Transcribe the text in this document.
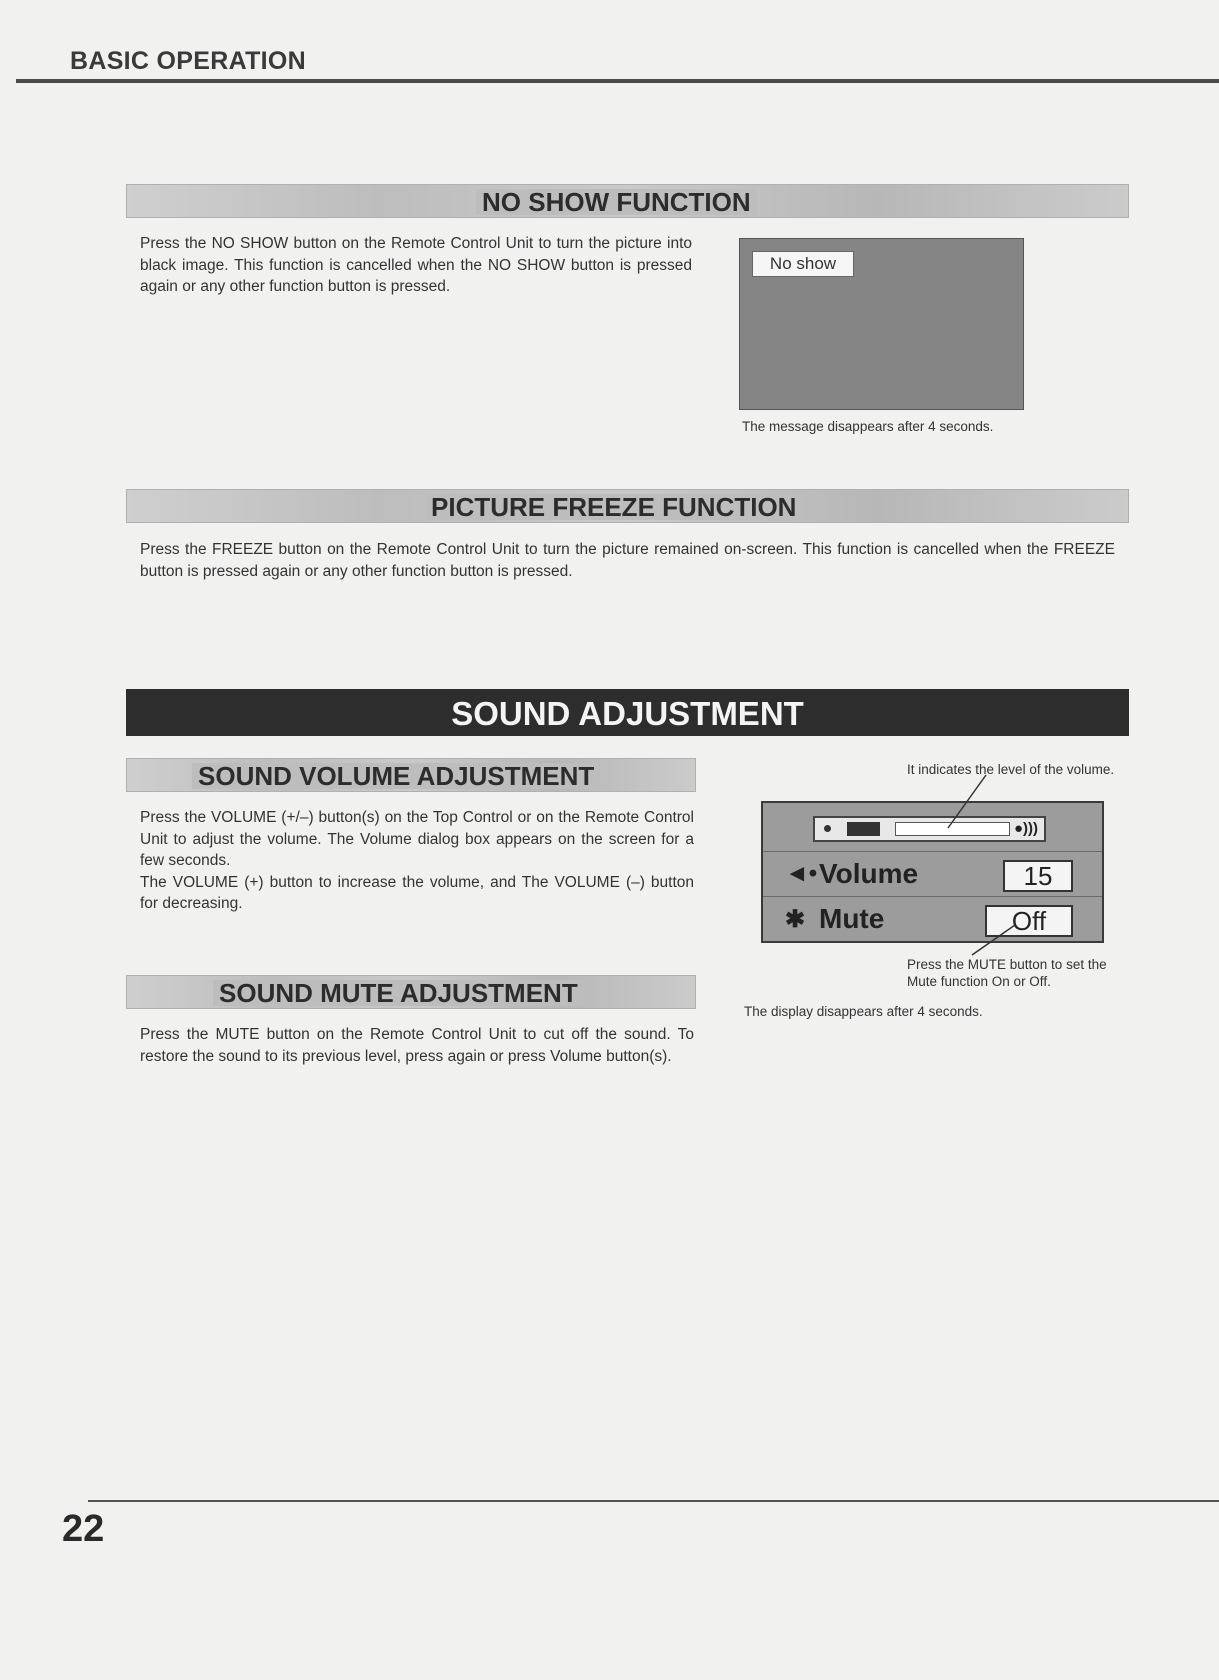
BASIC OPERATION
NO SHOW FUNCTION
Press the NO SHOW button on the Remote Control Unit to turn the picture into black image. This function is cancelled when the NO SHOW button is pressed again or any other function button is pressed.
No show
The message disappears after 4 seconds.
PICTURE FREEZE FUNCTION
Press the FREEZE button on the Remote Control Unit to turn the picture remained on-screen. This function is cancelled when the FREEZE button is pressed again or any other function button is pressed.
SOUND ADJUSTMENT
SOUND VOLUME ADJUSTMENT
Press the VOLUME (+/–) button(s) on the Top Control or on the Remote Control Unit to adjust the volume. The Volume dialog box appears on the screen for a few seconds.
The VOLUME (+) button to increase the volume, and The VOLUME (–) button for decreasing.
SOUND MUTE ADJUSTMENT
Press the MUTE button on the Remote Control Unit to cut off the sound. To restore the sound to its previous level, press again or press Volume button(s).
It indicates the level of the volume.
●)))
◄• Volume	15
✱ Mute	Off
Press the MUTE button to set the
Mute function On or Off.
The display disappears after 4 seconds.
22
